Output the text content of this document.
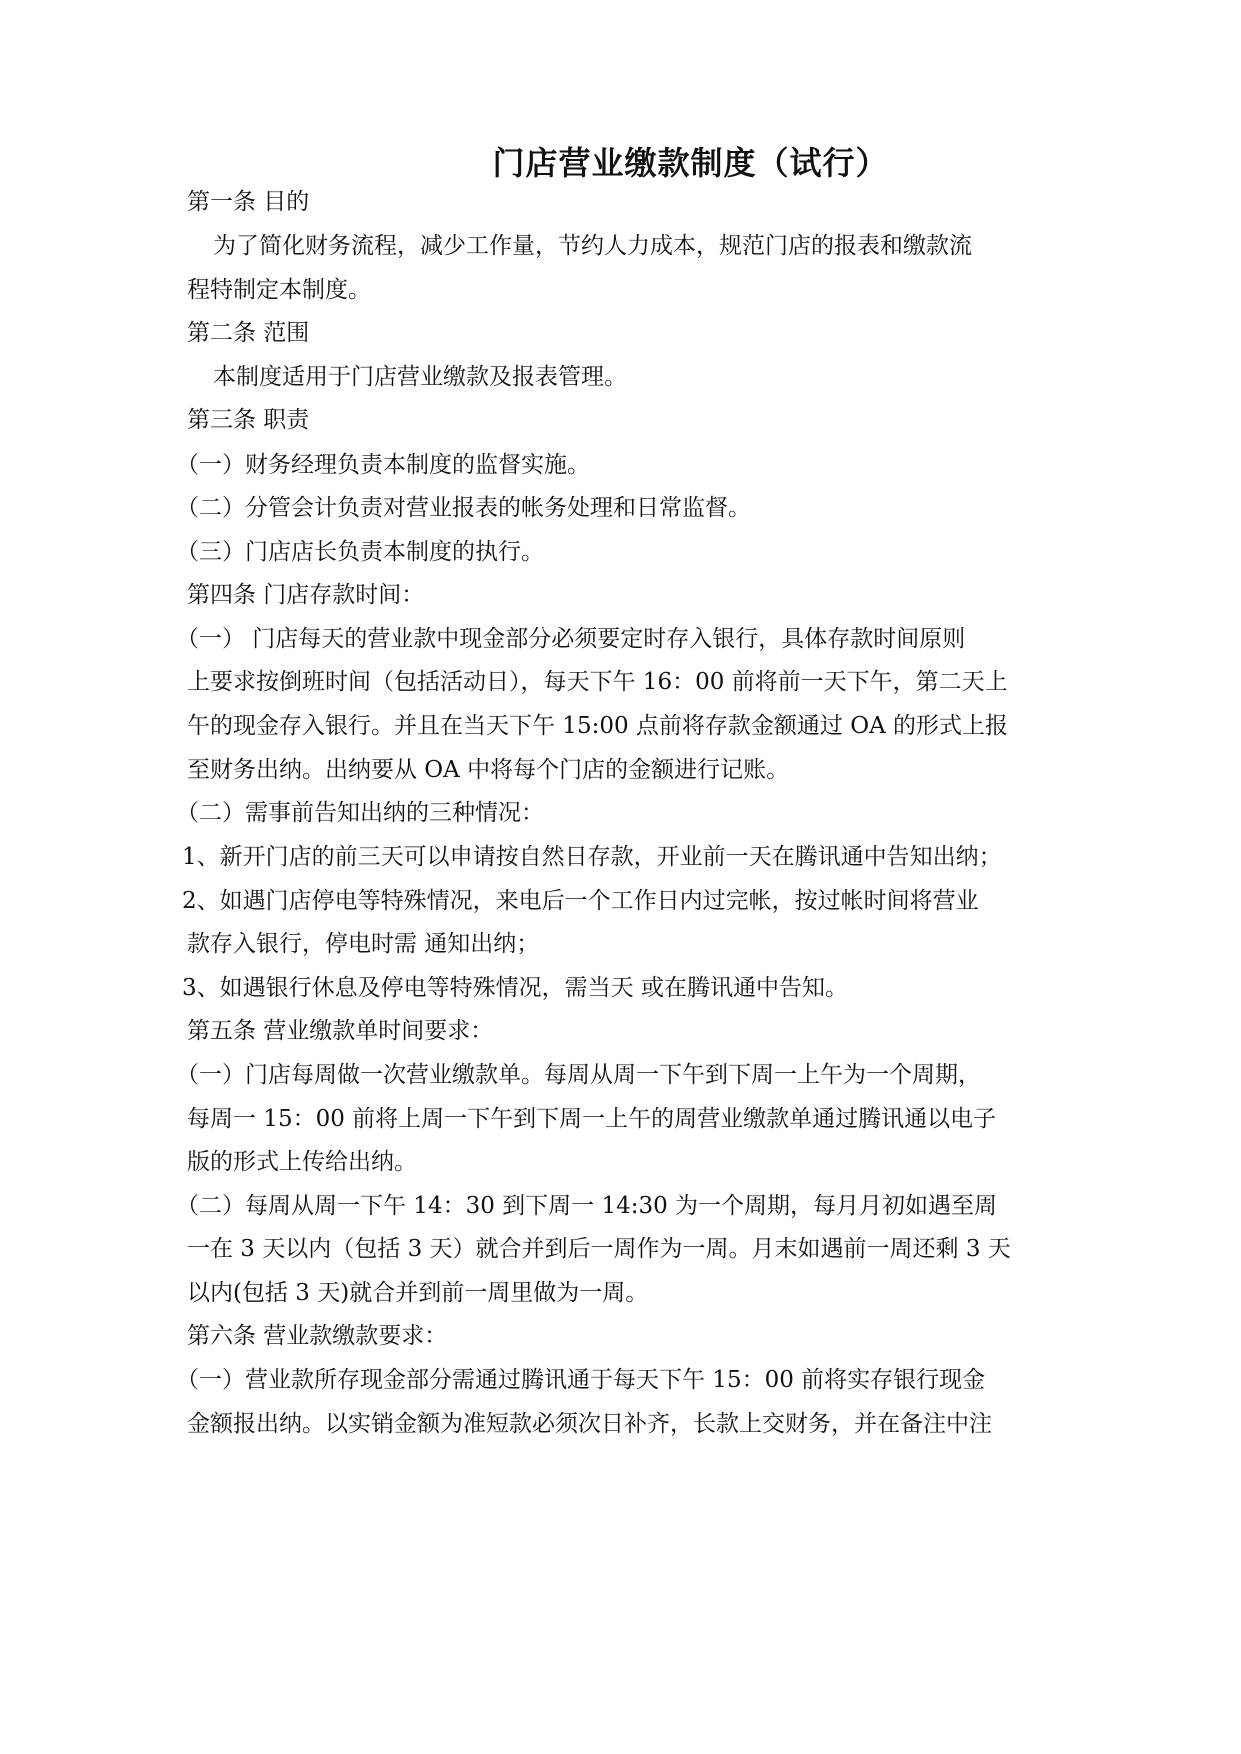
门店营业缴款制度（试行）
第一条 目的
为了简化财务流程，减少工作量，节约人力成本，规范门店的报表和缴款流
程特制定本制度。
第二条 范围
本制度适用于门店营业缴款及报表管理。
第三条 职责
（一）财务经理负责本制度的监督实施。
（二）分管会计负责对营业报表的帐务处理和日常监督。
（三）门店店长负责本制度的执行。
第四条 门店存款时间：
（一） 门店每天的营业款中现金部分必须要定时存入银行，具体存款时间原则
上要求按倒班时间（包括活动日），每天下午 16：00 前将前一天下午，第二天上
午的现金存入银行。并且在当天下午 15:00 点前将存款金额通过 OA 的形式上报
至财务出纳。出纳要从 OA 中将每个门店的金额进行记账。
（二）需事前告知出纳的三种情况：
1、新开门店的前三天可以申请按自然日存款，开业前一天在腾讯通中告知出纳；
2、如遇门店停电等特殊情况，来电后一个工作日内过完帐，按过帐时间将营业
款存入银行，停电时需 通知出纳；
3、如遇银行休息及停电等特殊情况，需当天 或在腾讯通中告知。
第五条 营业缴款单时间要求：
（一）门店每周做一次营业缴款单。每周从周一下午到下周一上午为一个周期，
每周一 15：00 前将上周一下午到下周一上午的周营业缴款单通过腾讯通以电子
版的形式上传给出纳。
（二）每周从周一下午 14：30 到下周一 14:30 为一个周期，每月月初如遇至周
一在 3 天以内（包括 3 天）就合并到后一周作为一周。月末如遇前一周还剩 3 天
以内(包括 3 天)就合并到前一周里做为一周。
第六条 营业款缴款要求：
（一）营业款所存现金部分需通过腾讯通于每天下午 15：00 前将实存银行现金
金额报出纳。以实销金额为准短款必须次日补齐，长款上交财务，并在备注中注
